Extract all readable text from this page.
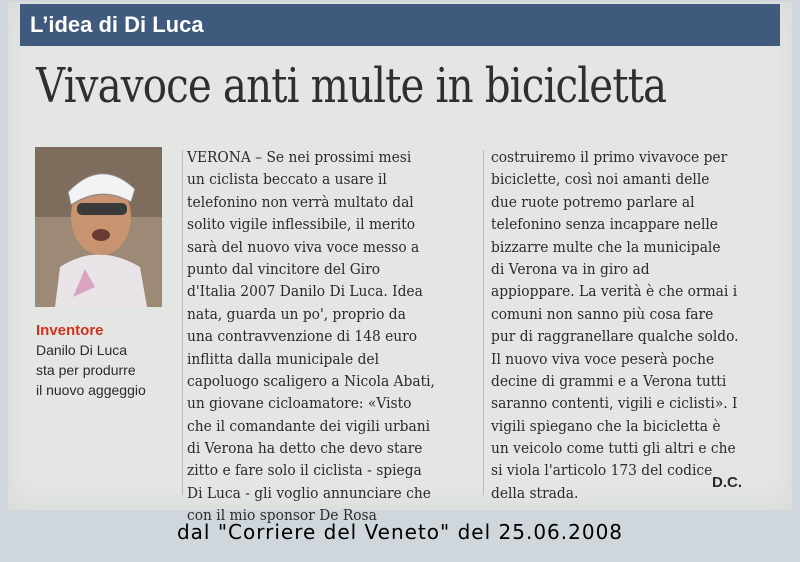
L’idea di Di Luca
Vivavoce anti multe in bicicletta
Inventore
Danilo Di Luca
sta per produrre
il nuovo aggeggio
VERONA – Se nei prossimi mesi
un ciclista beccato a usare il
telefonino non verrà multato dal
solito vigile inflessibile, il merito
sarà del nuovo viva voce messo a
punto dal vincitore del Giro
d'Italia 2007 Danilo Di Luca. Idea
nata, guarda un po', proprio da
una contravvenzione di 148 euro
inflitta dalla municipale del
capoluogo scaligero a Nicola Abati,
un giovane cicloamatore: «Visto
che il comandante dei vigili urbani
di Verona ha detto che devo stare
zitto e fare solo il ciclista - spiega
Di Luca - gli voglio annunciare che
con il mio sponsor De Rosa
costruiremo il primo vivavoce per
biciclette, così noi amanti delle
due ruote potremo parlare al
telefonino senza incappare nelle
bizzarre multe che la municipale
di Verona va in giro ad
appioppare. La verità è che ormai i
comuni non sanno più cosa fare
pur di raggranellare qualche soldo.
Il nuovo viva voce peserà poche
decine di grammi e a Verona tutti
saranno contenti, vigili e ciclisti». I
vigili spiegano che la bicicletta è
un veicolo come tutti gli altri e che
si viola l'articolo 173 del codice
della strada.
D.C.
dal "Corriere del Veneto" del 25.06.2008
